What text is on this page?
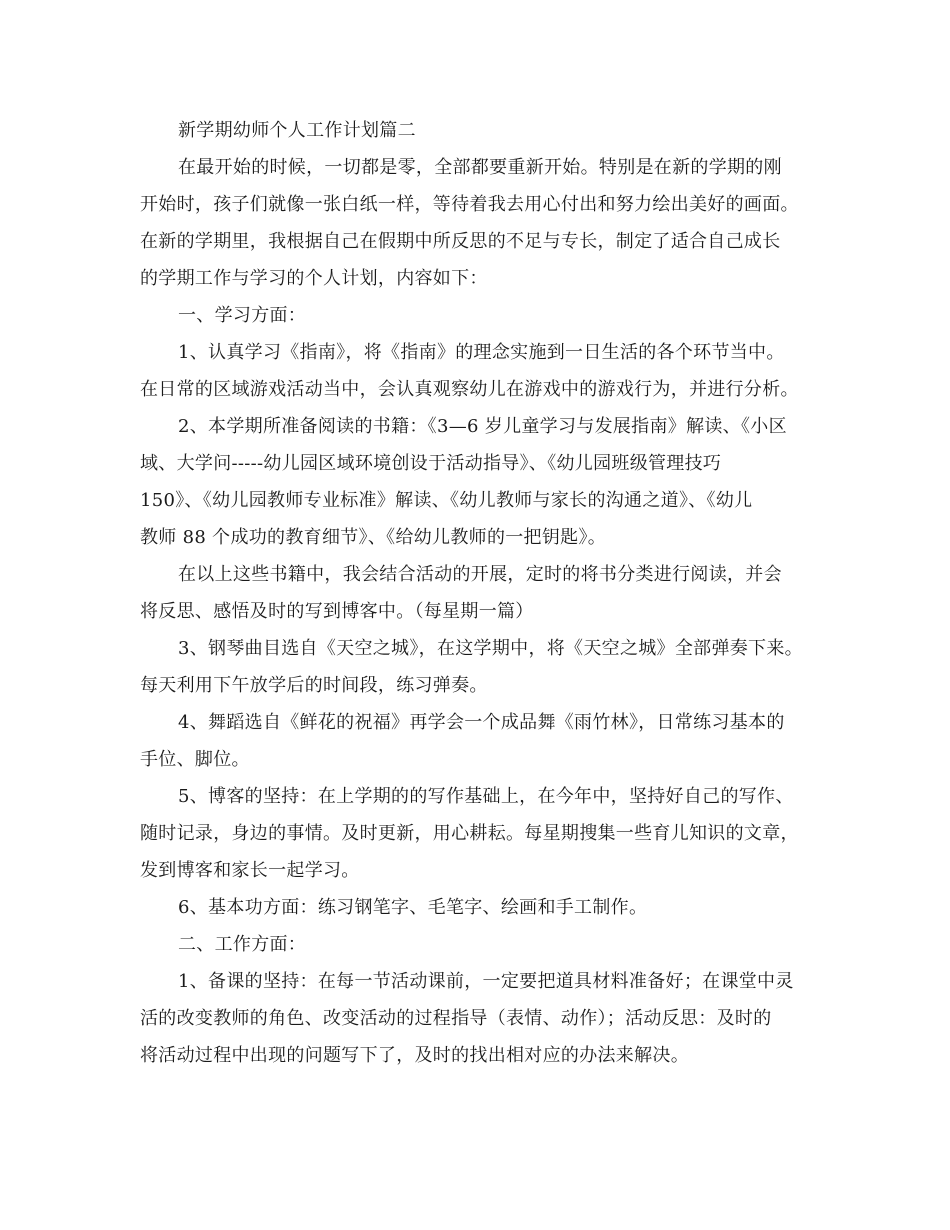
新学期幼师个人工作计划篇二
在最开始的时候，一切都是零，全部都要重新开始。特别是在新的学期的刚
开始时，孩子们就像一张白纸一样，等待着我去用心付出和努力绘出美好的画面。
在新的学期里，我根据自己在假期中所反思的不足与专长，制定了适合自己成长
的学期工作与学习的个人计划，内容如下：
一、学习方面：
1、认真学习《指南》，将《指南》的理念实施到一日生活的各个环节当中。
在日常的区域游戏活动当中，会认真观察幼儿在游戏中的游戏行为，并进行分析。
2、本学期所准备阅读的书籍：《3—6 岁儿童学习与发展指南》解读、《小区
域、大学问-----幼儿园区域环境创设于活动指导》、《幼儿园班级管理技巧
150》、《幼儿园教师专业标准》解读、《幼儿教师与家长的沟通之道》、《幼儿
教师 88 个成功的教育细节》、《给幼儿教师的一把钥匙》。
在以上这些书籍中，我会结合活动的开展，定时的将书分类进行阅读，并会
将反思、感悟及时的写到博客中。（每星期一篇）
3、钢琴曲目选自《天空之城》，在这学期中，将《天空之城》全部弹奏下来。
每天利用下午放学后的时间段，练习弹奏。
4、舞蹈选自《鲜花的祝福》再学会一个成品舞《雨竹林》，日常练习基本的
手位、脚位。
5、博客的坚持：在上学期的的写作基础上，在今年中，坚持好自己的写作、
随时记录，身边的事情。及时更新，用心耕耘。每星期搜集一些育儿知识的文章，
发到博客和家长一起学习。
6、基本功方面：练习钢笔字、毛笔字、绘画和手工制作。
二、工作方面：
1、备课的坚持：在每一节活动课前，一定要把道具材料准备好；在课堂中灵
活的改变教师的角色、改变活动的过程指导（表情、动作）；活动反思：及时的
将活动过程中出现的问题写下了，及时的找出相对应的办法来解决。
